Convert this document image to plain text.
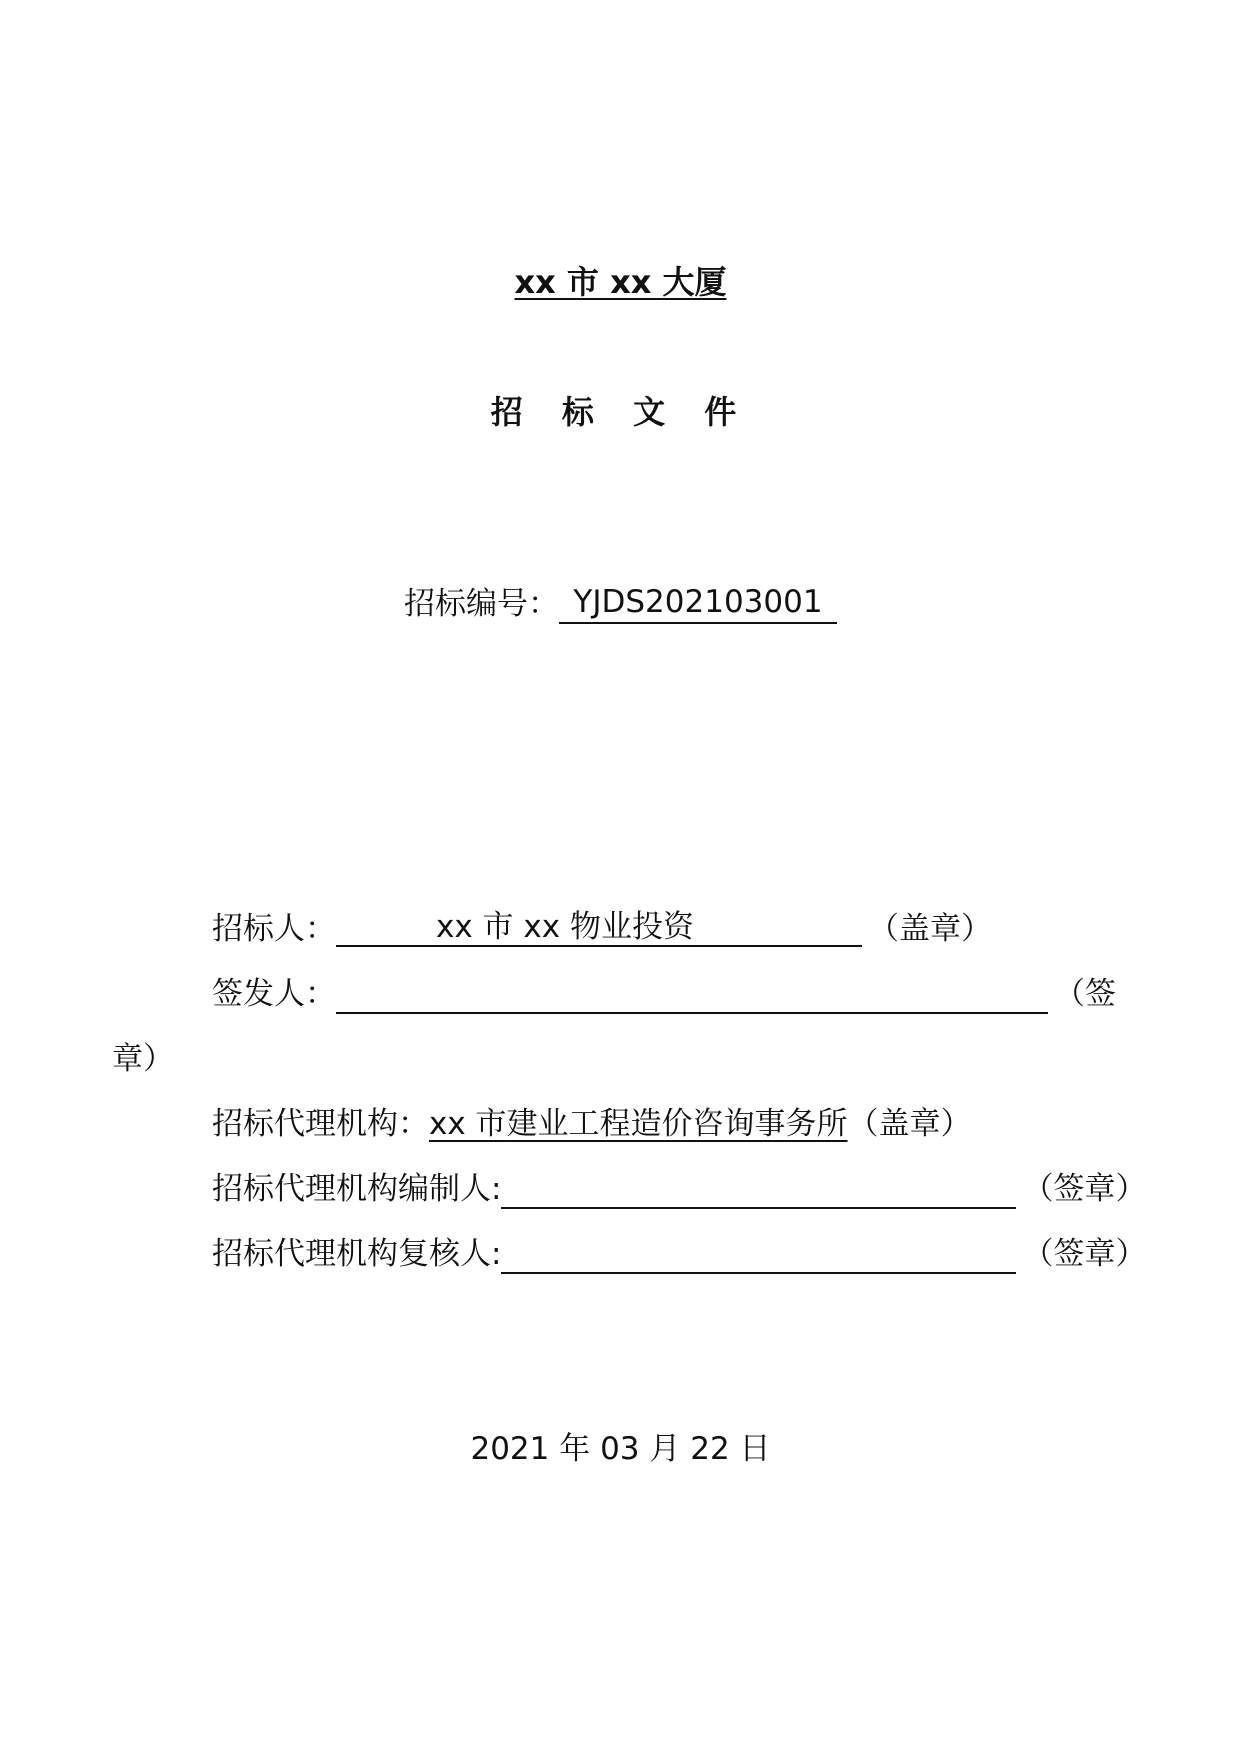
xx 市 xx 大厦
招 标 文 件
招标编号： YJDS202103001
招标人：	xx 市 xx 物业投资	（盖章）
签发人：	（签
章）
招标代理机构：xx 市建业工程造价咨询事务所（盖章）
招标代理机构编制人:	（签章）
招标代理机构复核人:	（签章）
2021 年 03 月 22 日
